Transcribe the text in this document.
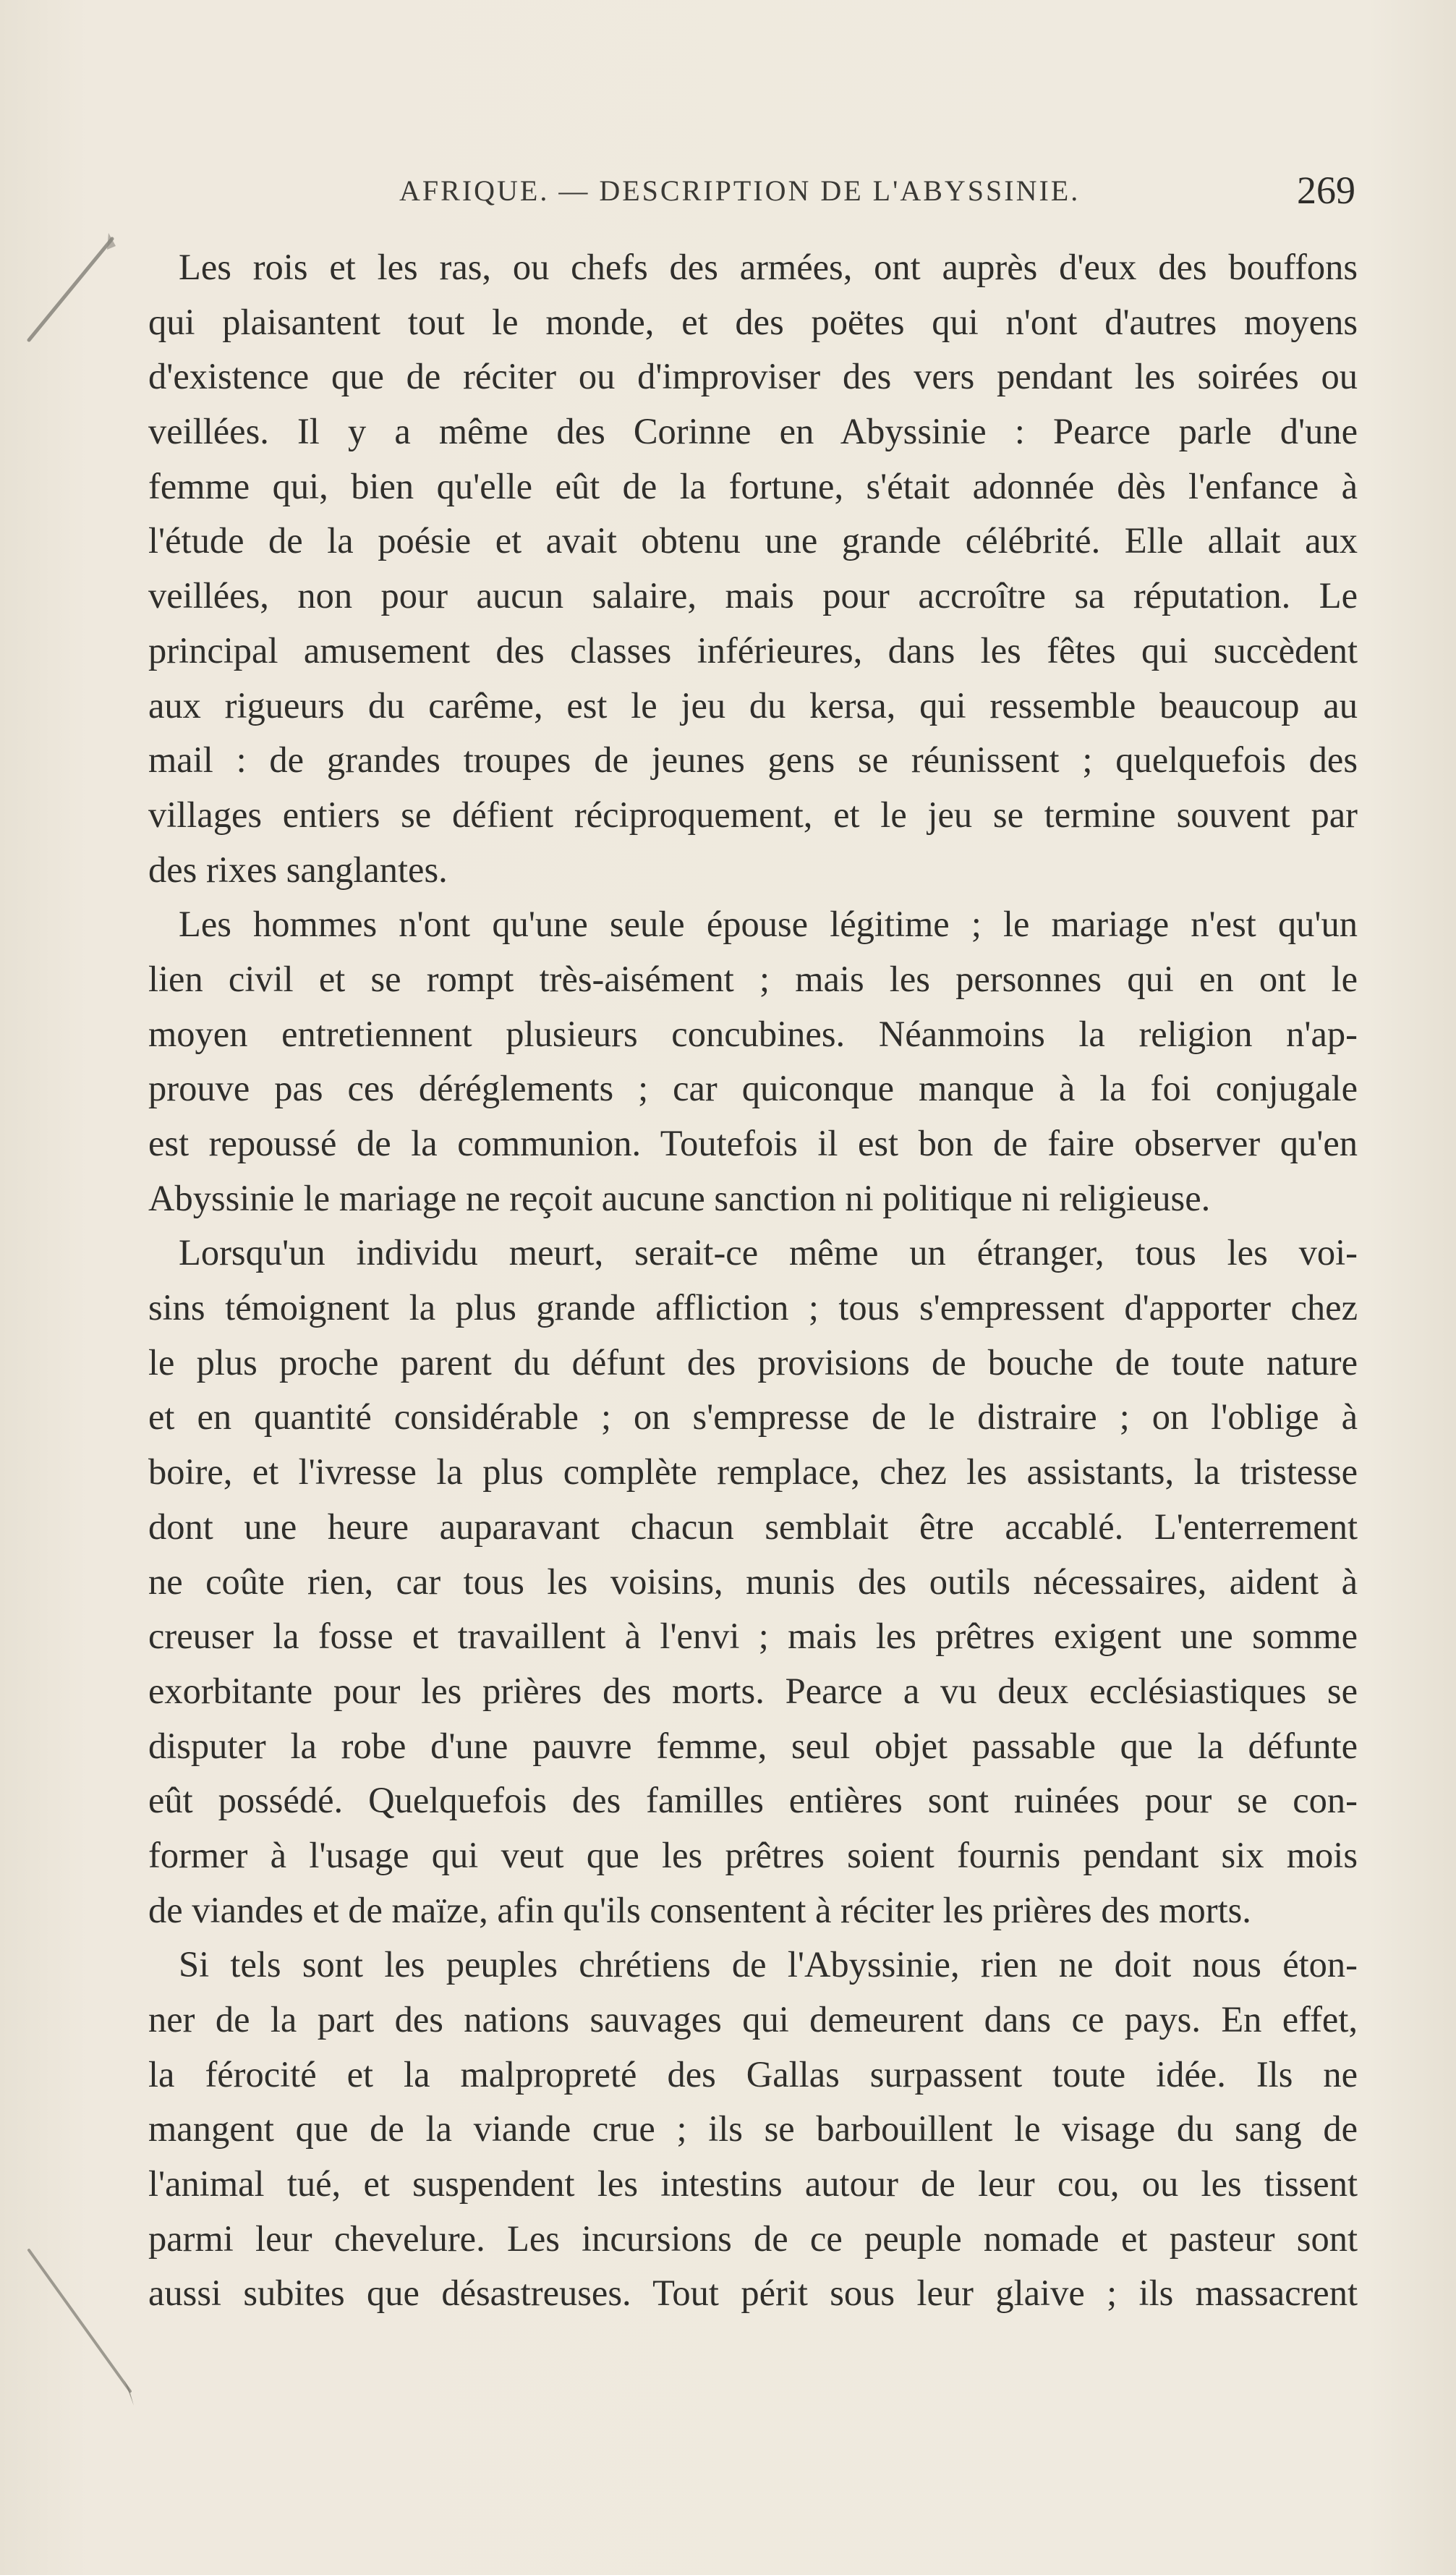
AFRIQUE. — DESCRIPTION DE L'ABYSSINIE.	269
Les rois et les ras, ou chefs des armées, ont auprès d'eux des bouffons
qui plaisantent tout le monde, et des poëtes qui n'ont d'autres moyens
d'existence que de réciter ou d'improviser des vers pendant les soirées ou
veillées. Il y a même des Corinne en Abyssinie : Pearce parle d'une
femme qui, bien qu'elle eût de la fortune, s'était adonnée dès l'enfance à
l'étude de la poésie et avait obtenu une grande célébrité. Elle allait aux
veillées, non pour aucun salaire, mais pour accroître sa réputation. Le
principal amusement des classes inférieures, dans les fêtes qui succèdent
aux rigueurs du carême, est le jeu du kersa, qui ressemble beaucoup au
mail : de grandes troupes de jeunes gens se réunissent ; quelquefois des
villages entiers se défient réciproquement, et le jeu se termine souvent par
des rixes sanglantes.
Les hommes n'ont qu'une seule épouse légitime ; le mariage n'est qu'un
lien civil et se rompt très-aisément ; mais les personnes qui en ont le
moyen entretiennent plusieurs concubines. Néanmoins la religion n'ap-
prouve pas ces déréglements ; car quiconque manque à la foi conjugale
est repoussé de la communion. Toutefois il est bon de faire observer qu'en
Abyssinie le mariage ne reçoit aucune sanction ni politique ni religieuse.
Lorsqu'un individu meurt, serait-ce même un étranger, tous les voi-
sins témoignent la plus grande affliction ; tous s'empressent d'apporter chez
le plus proche parent du défunt des provisions de bouche de toute nature
et en quantité considérable ; on s'empresse de le distraire ; on l'oblige à
boire, et l'ivresse la plus complète remplace, chez les assistants, la tristesse
dont une heure auparavant chacun semblait être accablé. L'enterrement
ne coûte rien, car tous les voisins, munis des outils nécessaires, aident à
creuser la fosse et travaillent à l'envi ; mais les prêtres exigent une somme
exorbitante pour les prières des morts. Pearce a vu deux ecclésiastiques se
disputer la robe d'une pauvre femme, seul objet passable que la défunte
eût possédé. Quelquefois des familles entières sont ruinées pour se con-
former à l'usage qui veut que les prêtres soient fournis pendant six mois
de viandes et de maïze, afin qu'ils consentent à réciter les prières des morts.
Si tels sont les peuples chrétiens de l'Abyssinie, rien ne doit nous éton-
ner de la part des nations sauvages qui demeurent dans ce pays. En effet,
la férocité et la malpropreté des Gallas surpassent toute idée. Ils ne
mangent que de la viande crue ; ils se barbouillent le visage du sang de
l'animal tué, et suspendent les intestins autour de leur cou, ou les tissent
parmi leur chevelure. Les incursions de ce peuple nomade et pasteur sont
aussi subites que désastreuses. Tout périt sous leur glaive ; ils massacrent
